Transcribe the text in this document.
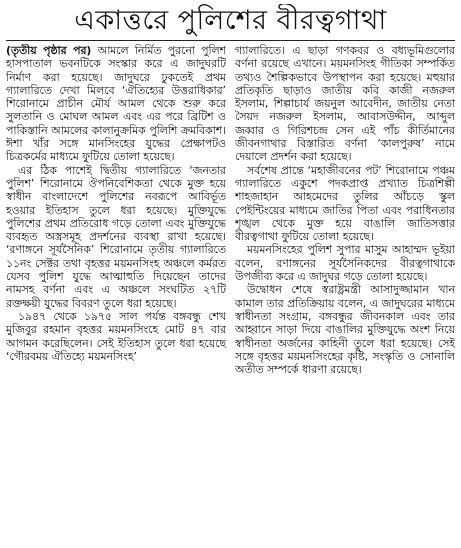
একাত্তরে পুলিশের বীরত্বগাথা

(তৃতীয় পৃষ্ঠার পর) আমলে নির্মিত পুরনো পুলিশ হাসপাতাল ভবনটিকে সংস্কার করে এ জাদুঘরটি নির্মাণ করা হয়েছে। জাদুঘরে ঢুকতেই প্রথম গ্যালারিতে দেখা মিলবে ‘ঐতিহ্যের উত্তরাধিকার’ শিরোনামে প্রাচীন মৌর্য আমল থেকে শুরু করে সুলতানি ও মোঘল আমল এবং এর পরে ব্রিটিশ ও পাকিস্তানি আমলের কালানুক্রমিক পুলিশি ক্রমবিকাশ। ঈশা খাঁর সঙ্গে মানসিংহের যুদ্ধের প্রেক্ষাপটও চিত্রকর্মের মাধ্যমে ফুটিয়ে তোলা হয়েছে।

এর ঠিক পাশেই দ্বিতীয় গ্যালারিতে ‘জনতার পুলিশ’ শিরোনামে ঔপনিবেশিকতা থেকে মুক্ত হয়ে স্বাধীন বাংলাদেশে পুলিশের নবরূপে আবির্ভূত হওয়ার ইতিহাস তুলে ধরা হয়েছে। মুক্তিযুদ্ধে পুলিশের প্রথম প্রতিরোধ গড়ে তোলা এবং মুক্তিযুদ্ধে ব্যবহৃত অস্ত্রসমূহ প্রদর্শনের ব্যবস্থা রাখা হয়েছে। ‘রণাঙ্গনে সূর্যসৈনিক’ শিরোনামে তৃতীয় গ্যালারিতে ১১নং সেক্টর তথা বৃহত্তর ময়মনসিংহ অঞ্চলে কর্মরত যেসব পুলিশ যুদ্ধে আত্মাহুতি দিয়েছেন তাদের নামসহ বর্ণনা এবং এ অঞ্চলে সংঘটিত ২৭টি রক্তক্ষয়ী যুদ্ধের বিবরণ তুলে ধরা হয়েছে।

১৯৪৭ থেকে ১৯৭৫ সাল পর্যন্ত বঙ্গবন্ধু শেখ মুজিবুর রহমান বৃহত্তর ময়মনসিংহে মোট ৪৭ বার আগমন করেছিলেন। সেই ইতিহাস তুলে ধরা হয়েছে ‘গৌরবময় ঐতিহ্যে ময়মনসিংহ’

গ্যালারিতে। এ ছাড়া গণকবর ও বধ্যভূমিগুলোর বর্ণনা রয়েছে এখানে। ময়মনসিংহ গীতিকা সম্পর্কিত তথ্যও শৈল্পিকভাবে উপস্থাপন করা হয়েছে। মহুয়ার প্রতিকৃতি ছাড়াও জাতীয় কবি কাজী নজরুল ইসলাম, শিল্পাচার্য জয়নুল আবেদীন, জাতীয় নেতা সৈয়দ নজরুল ইসলাম, আবাসউদ্দীন, আব্দুল জব্বার ও গিরিশচন্দ্র সেন এই পাঁচ কীর্তিমানের জীবনগাথার বিস্তারিত বর্ণনা ‘কালপুরুষ’ নামে দেয়ালে প্রদর্শন করা হয়েছে।

সর্বশেষ প্রান্তে ‘মহাজীবনের পট’ শিরোনামে পঞ্চম গ্যালারিতে একুশে পদকপ্রাপ্ত প্রখ্যাত চিত্রশিল্পী শাহজাহান আহমেদের তুলির আঁচড়ে স্কুল পেইন্টিংয়ের মাধ্যমে জাতির পিতা এবং পরাধিনতার শৃঙ্খল থেকে মুক্ত হয়ে বাঙালি জাতিসত্তার বীরত্বগাথা ফুটিয়ে তোলা হয়েছে।

ময়মনসিংহের পুলিশ সুপার মাসুম আহাম্মদ ভূইয়া বলেন, রণাঙ্গনের সূর্যসৈনিকদের বীরত্বগাথাকে উপজীব্য করে এ জাদুঘর গড়ে তোলা হয়েছে।

উদ্বোধন শেষে স্বরাষ্ট্রমন্ত্রী আসাদুজ্জামান খান কামাল তার প্রতিক্রিয়ায় বলেন, এ জাদুঘরের মাধ্যমে স্বাধীনতা সংগ্রাম, বঙ্গবন্ধুর জীবনকাল এবং তার আহ্বানে সাড়া দিয়ে বাঙালির মুক্তিযুদ্ধে অংশ নিয়ে স্বাধীনতা অর্জনের কাহিনী তুলে ধরা হয়েছে। সেই সঙ্গে বৃহত্তর ময়মনসিংহের কৃষ্টি, সংস্কৃতি ও সোনালি অতীত সম্পর্কে ধারণা রয়েছে।
